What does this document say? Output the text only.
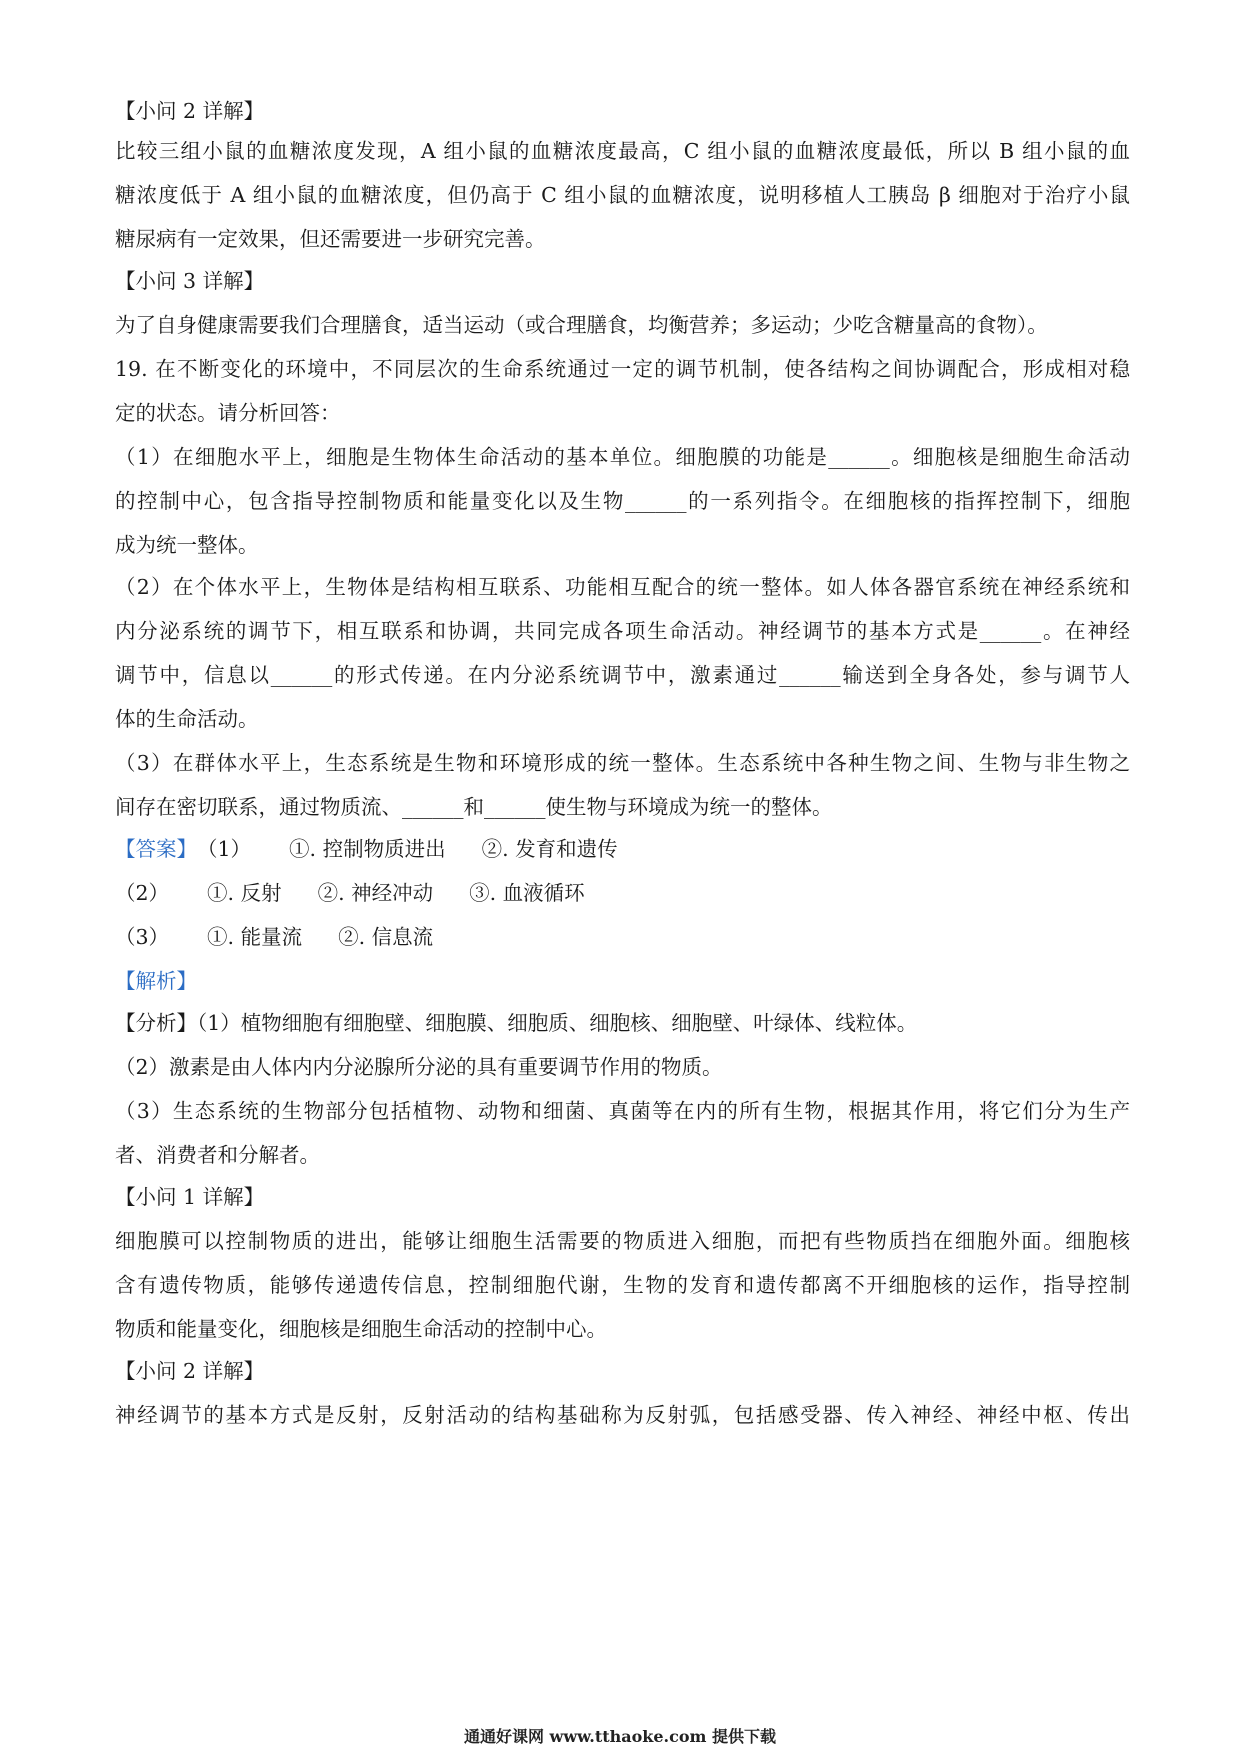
【小问 2 详解】
比较三组小鼠的血糖浓度发现，A 组小鼠的血糖浓度最高，C 组小鼠的血糖浓度最低，所以 B 组小鼠的血
糖浓度低于 A 组小鼠的血糖浓度，但仍高于 C 组小鼠的血糖浓度，说明移植人工胰岛 β 细胞对于治疗小鼠
糖尿病有一定效果，但还需要进一步研究完善。
【小问 3 详解】
为了自身健康需要我们合理膳食，适当运动（或合理膳食，均衡营养；多运动；少吃含糖量高的食物）。
19. 在不断变化的环境中，不同层次的生命系统通过一定的调节机制，使各结构之间协调配合，形成相对稳
定的状态。请分析回答：
（1）在细胞水平上，细胞是生物体生命活动的基本单位。细胞膜的功能是______。细胞核是细胞生命活动
的控制中心，包含指导控制物质和能量变化以及生物______的一系列指令。在细胞核的指挥控制下，细胞
成为统一整体。
（2）在个体水平上，生物体是结构相互联系、功能相互配合的统一整体。如人体各器官系统在神经系统和
内分泌系统的调节下，相互联系和协调，共同完成各项生命活动。神经调节的基本方式是______。在神经
调节中，信息以______的形式传递。在内分泌系统调节中，激素通过______输送到全身各处，参与调节人
体的生命活动。
（3）在群体水平上，生态系统是生物和环境形成的统一整体。生态系统中各种生物之间、生物与非生物之
间存在密切联系，通过物质流、______和______使生物与环境成为统一的整体。
【答案】（1） ①. 控制物质进出 ②. 发育和遗传
（2） ①. 反射 ②. 神经冲动 ③. 血液循环
（3） ①. 能量流 ②. 信息流
【解析】
【分析】（1）植物细胞有细胞壁、细胞膜、细胞质、细胞核、细胞壁、叶绿体、线粒体。
（2）激素是由人体内内分泌腺所分泌的具有重要调节作用的物质。
（3）生态系统的生物部分包括植物、动物和细菌、真菌等在内的所有生物，根据其作用，将它们分为生产
者、消费者和分解者。
【小问 1 详解】
细胞膜可以控制物质的进出，能够让细胞生活需要的物质进入细胞，而把有些物质挡在细胞外面。细胞核
含有遗传物质，能够传递遗传信息，控制细胞代谢，生物的发育和遗传都离不开细胞核的运作，指导控制
物质和能量变化，细胞核是细胞生命活动的控制中心。
【小问 2 详解】
神经调节的基本方式是反射，反射活动的结构基础称为反射弧，包括感受器、传入神经、神经中枢、传出
通通好课网 www.tthaoke.com 提供下载
